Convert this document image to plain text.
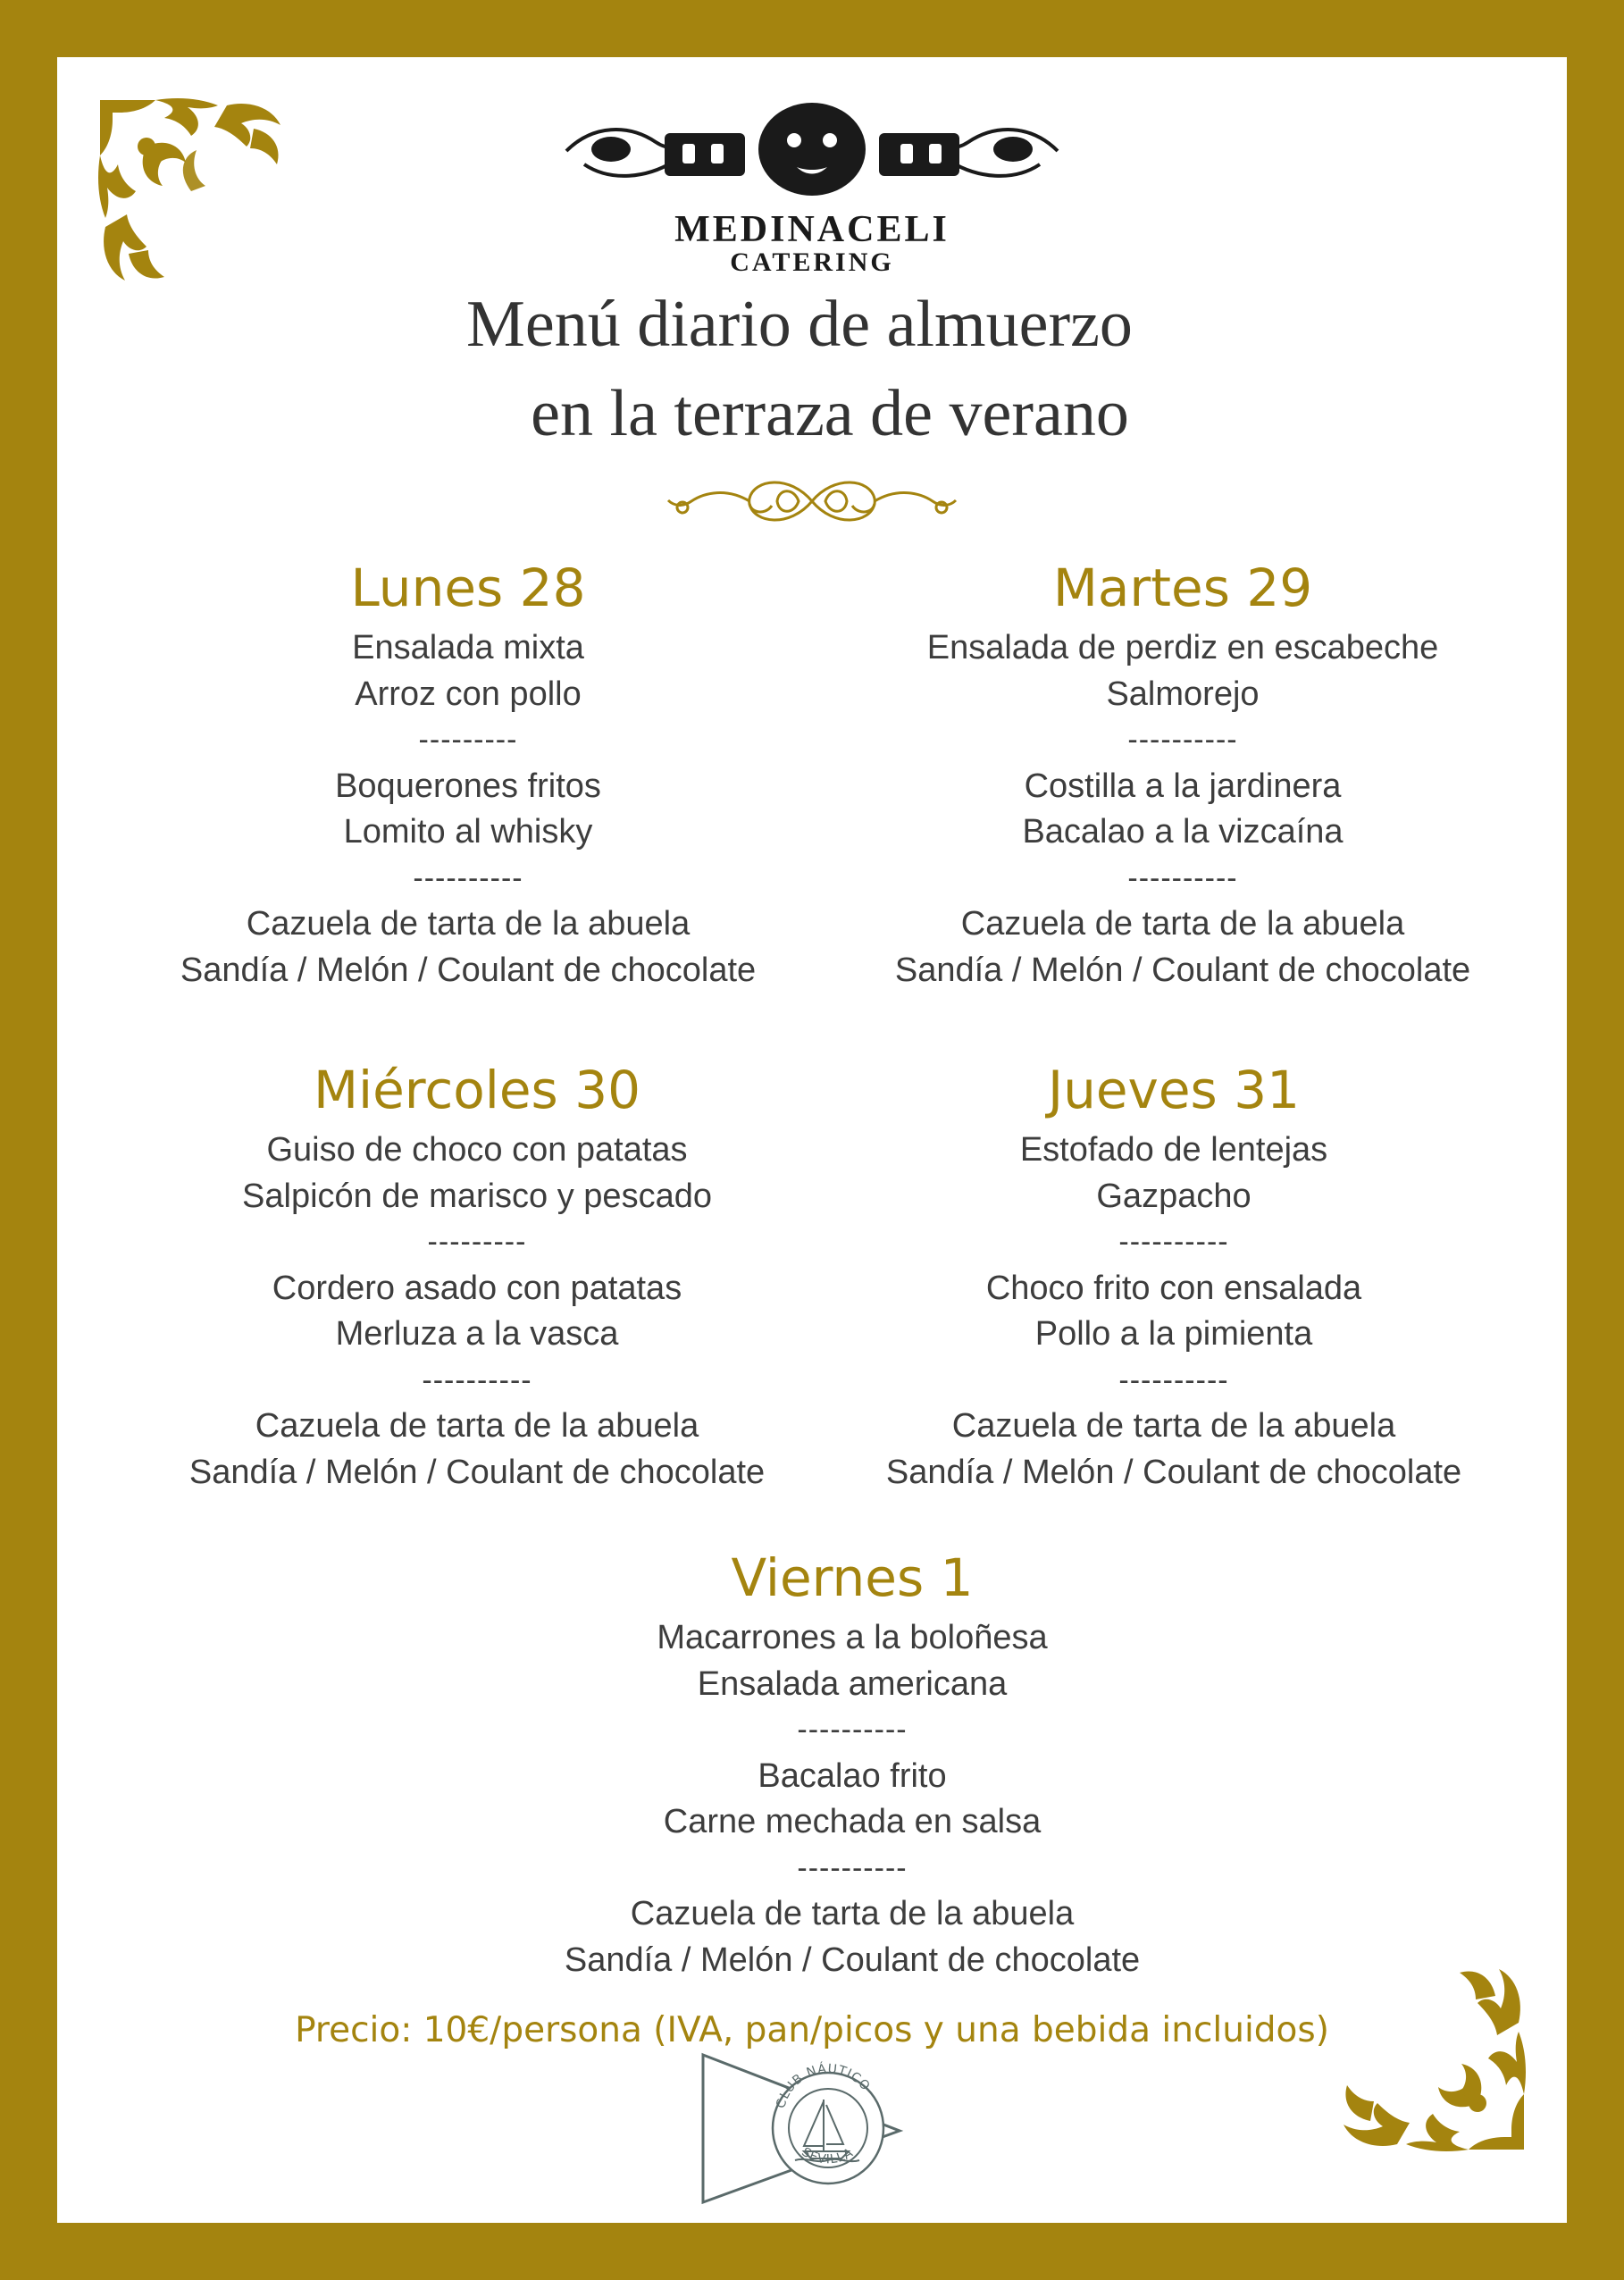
MEDINACELI
CATERING
Menú diario de almuerzo
en la terraza de verano
Lunes 28
Ensalada mixta
Arroz con pollo
---------
Boquerones fritos
Lomito al whisky
----------
Cazuela de tarta de la abuela
Sandía / Melón / Coulant de chocolate
Martes 29
Ensalada de perdiz en escabeche
Salmorejo
----------
Costilla a la jardinera
Bacalao a la vizcaína
----------
Cazuela de tarta de la abuela
Sandía / Melón / Coulant de chocolate
Miércoles 30
Guiso de choco con patatas
Salpicón de marisco y pescado
---------
Cordero asado con patatas
Merluza a la vasca
----------
Cazuela de tarta de la abuela
Sandía / Melón / Coulant de chocolate
Jueves 31
Estofado de lentejas
Gazpacho
----------
Choco frito con ensalada
Pollo a la pimienta
----------
Cazuela de tarta de la abuela
Sandía / Melón / Coulant de chocolate
Viernes 1
Macarrones a la boloñesa
Ensalada americana
----------
Bacalao frito
Carne mechada en salsa
----------
Cazuela de tarta de la abuela
Sandía / Melón / Coulant de chocolate
Precio: 10€/persona (IVA, pan/picos y una bebida incluidos)
CLUB NÁUTICO
SEVILLA
